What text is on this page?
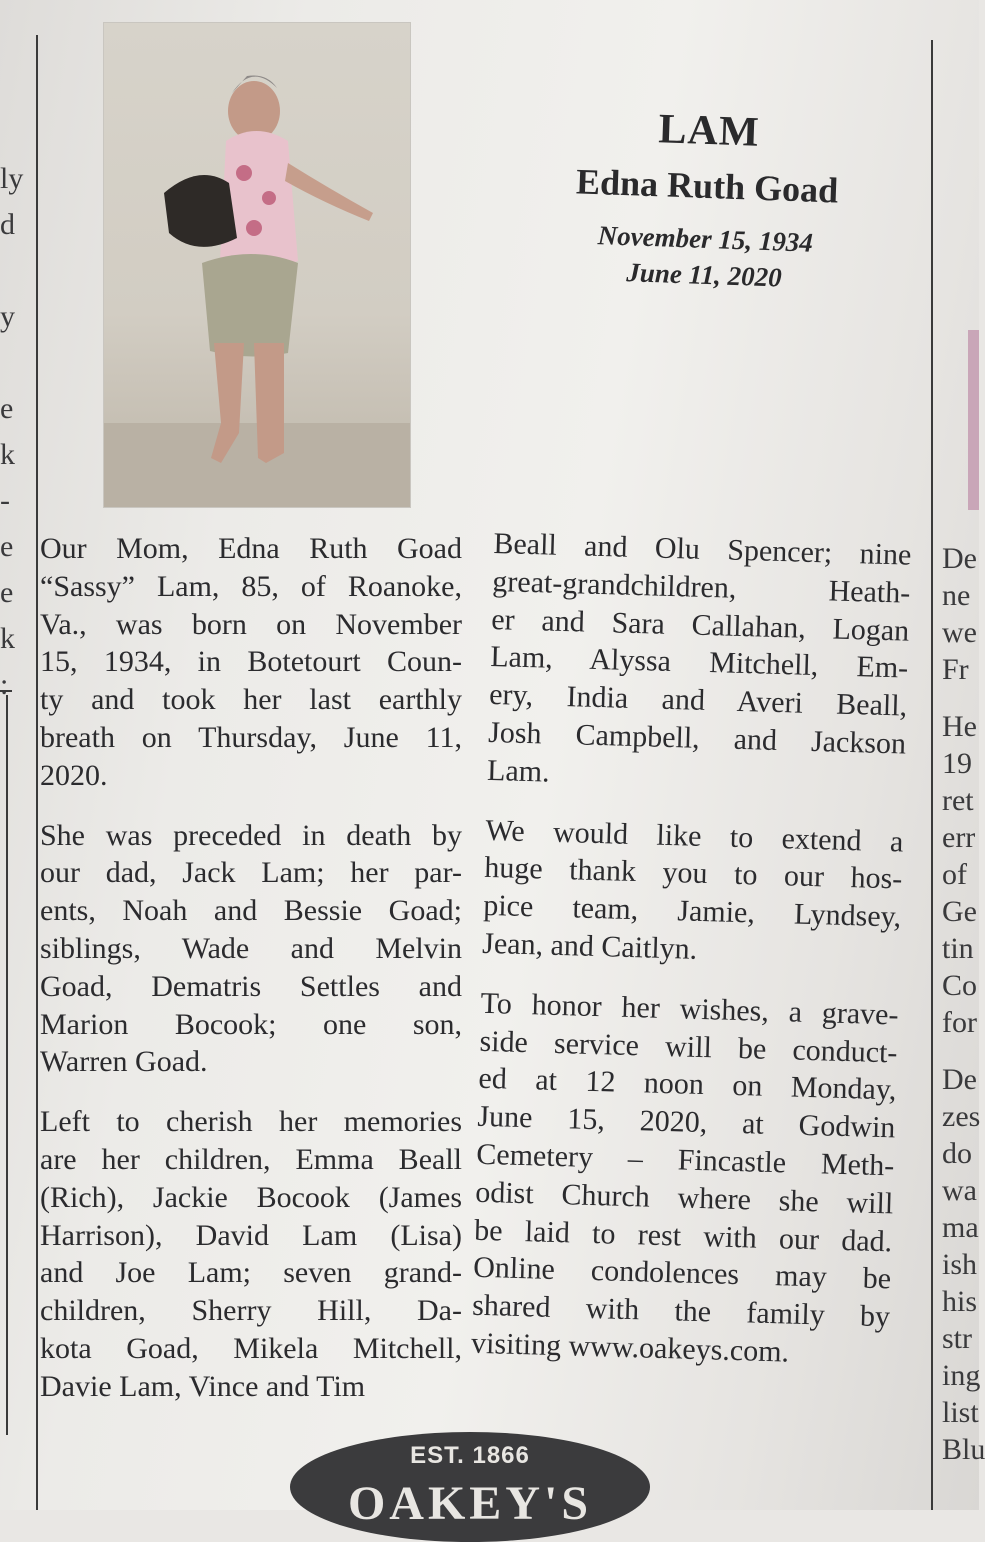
ly
d
y
e
k
-
e
e
k
:
De
ne
we
Fr
He
19
ret
err
of
Ge
tin
Co
for
De
zes
do
wa
ma
ish
his
str
ing
list
Blu
LAM
Edna Ruth Goad
November 15, 1934
June 11, 2020

Our Mom, Edna Ruth Goad
“Sassy” Lam, 85, of Roanoke,
Va., was born on November
15, 1934, in Botetourt Coun-
ty and took her last earthly
breath on Thursday, June 11,
2020.

She was preceded in death by
our dad, Jack Lam; her par-
ents, Noah and Bessie Goad;
siblings, Wade and Melvin
Goad, Dematris Settles and
Marion Bocook; one son,
Warren Goad.

Left to cherish her memories
are her children, Emma Beall
(Rich), Jackie Bocook (James
Harrison), David Lam (Lisa)
and Joe Lam; seven grand-
children, Sherry Hill, Da-
kota Goad, Mikela Mitchell,
Davie Lam, Vince and Tim

Beall and Olu Spencer; nine
great-grandchildren, Heath-
er and Sara Callahan, Logan
Lam, Alyssa Mitchell, Em-
ery, India and Averi Beall,
Josh Campbell, and Jackson
Lam.

We would like to extend a
huge thank you to our hos-
pice team, Jamie, Lyndsey,
Jean, and Caitlyn.

To honor her wishes, a grave-
side service will be conduct-
ed at 12 noon on Monday,
June 15, 2020, at Godwin
Cemetery – Fincastle Meth-
odist Church where she will
be laid to rest with our dad.
Online condolences may be
shared with the family by
visiting www.oakeys.com.

EST. 1866
OAKEY'S
